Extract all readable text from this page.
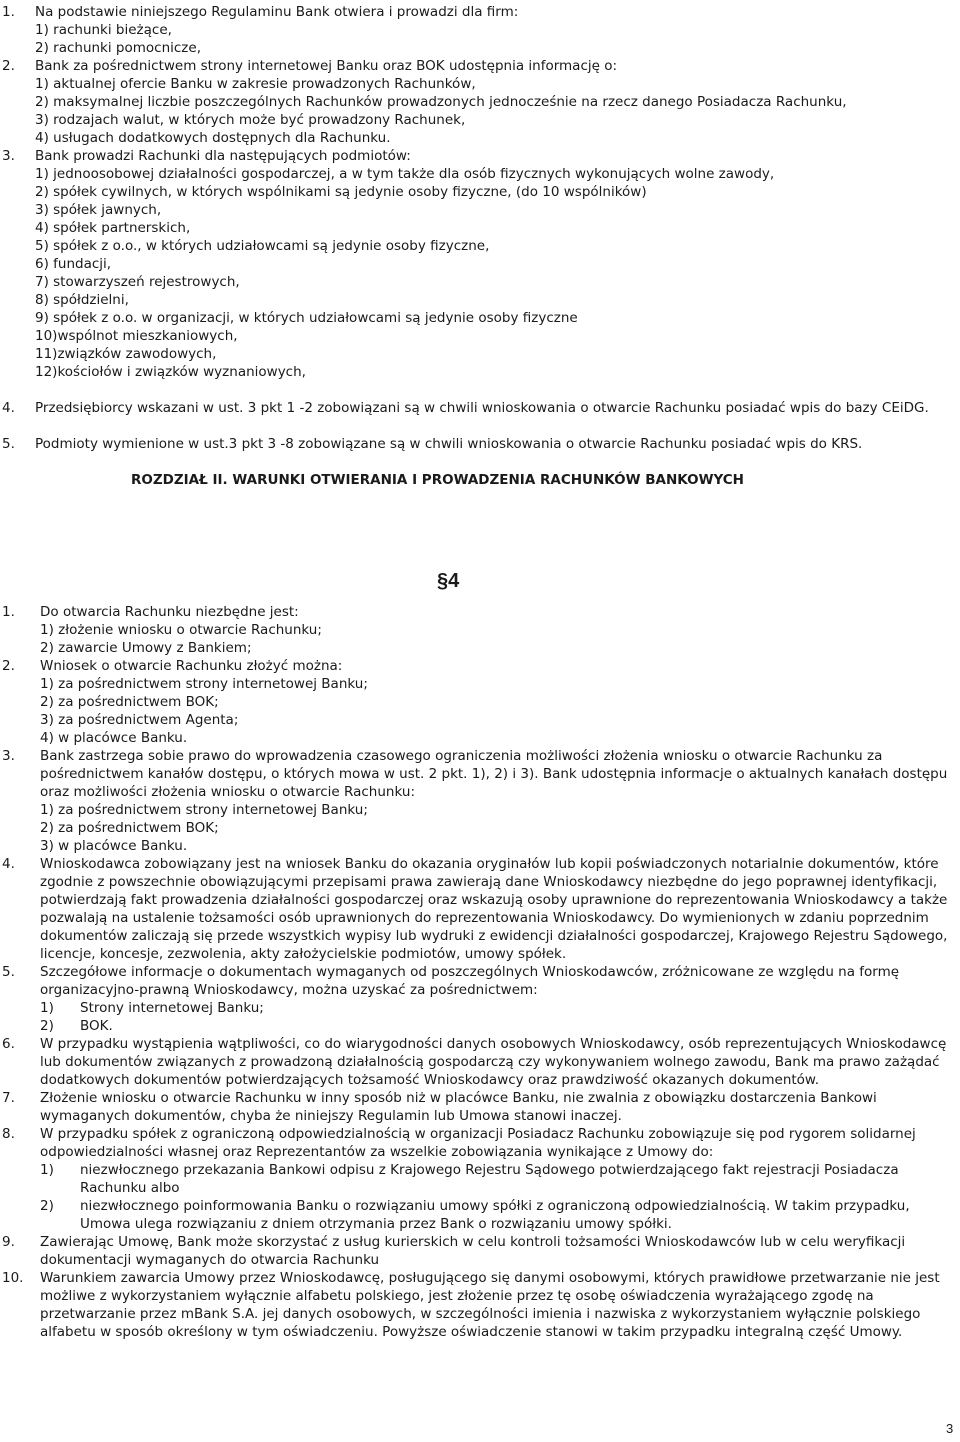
1. Na podstawie niniejszego Regulaminu Bank otwiera i prowadzi dla firm:
1) rachunki bieżące,
2) rachunki pomocnicze,
2. Bank za pośrednictwem strony internetowej Banku oraz BOK udostępnia informację o:
1) aktualnej ofercie Banku w zakresie prowadzonych Rachunków,
2) maksymalnej liczbie poszczególnych Rachunków prowadzonych jednocześnie na rzecz danego Posiadacza Rachunku,
3) rodzajach walut, w których może być prowadzony Rachunek,
4) usługach dodatkowych dostępnych dla Rachunku.
3. Bank prowadzi Rachunki dla następujących podmiotów:
1) jednoosobowej działalności gospodarczej, a w tym także dla osób fizycznych wykonujących wolne zawody,
2) spółek cywilnych, w których wspólnikami są jedynie osoby fizyczne, (do 10 wspólników)
3) spółek jawnych,
4) spółek partnerskich,
5) spółek z o.o., w których udziałowcami są jedynie osoby fizyczne,
6) fundacji,
7) stowarzyszeń rejestrowych,
8) spółdzielni,
9) spółek z o.o. w organizacji, w których udziałowcami są jedynie osoby fizyczne
10)wspólnot mieszkaniowych,
11)związków zawodowych,
12)kościołów i związków wyznaniowych,
4. Przedsiębiorcy wskazani w ust. 3 pkt 1 -2 zobowiązani są w chwili wnioskowania o otwarcie Rachunku posiadać wpis do bazy CEiDG.
5. Podmioty wymienione w ust.3 pkt 3 -8 zobowiązane są w chwili wnioskowania o otwarcie Rachunku posiadać wpis do KRS.
ROZDZIAŁ II. WARUNKI OTWIERANIA I PROWADZENIA RACHUNKÓW BANKOWYCH
§4
1. Do otwarcia Rachunku niezbędne jest:
1) złożenie wniosku o otwarcie Rachunku;
2) zawarcie Umowy z Bankiem;
2. Wniosek o otwarcie Rachunku złożyć można:
1) za pośrednictwem strony internetowej Banku;
2) za pośrednictwem BOK;
3) za pośrednictwem Agenta;
4) w placówce Banku.
3. Bank zastrzega sobie prawo do wprowadzenia czasowego ograniczenia możliwości złożenia wniosku o otwarcie Rachunku za pośrednictwem kanałów dostępu, o których mowa w ust. 2 pkt. 1), 2) i 3). Bank udostępnia informacje o aktualnych kanałach dostępu oraz możliwości złożenia wniosku o otwarcie Rachunku:
1) za pośrednictwem strony internetowej Banku;
2) za pośrednictwem BOK;
3) w placówce Banku.
4. Wnioskodawca zobowiązany jest na wniosek Banku do okazania oryginałów lub kopii poświadczonych notarialnie dokumentów, które zgodnie z powszechnie obowiązującymi przepisami prawa zawierają dane Wnioskodawcy niezbędne do jego poprawnej identyfikacji, potwierdzają fakt prowadzenia działalności gospodarczej oraz wskazują osoby uprawnione do reprezentowania Wnioskodawcy a także pozwalają na ustalenie tożsamości osób uprawnionych do reprezentowania Wnioskodawcy. Do wymienionych w zdaniu poprzednim dokumentów zaliczają się przede wszystkich wypisy lub wydruki z ewidencji działalności gospodarczej, Krajowego Rejestru Sądowego, licencje, koncesje, zezwolenia, akty założycielskie podmiotów, umowy spółek.
5. Szczegółowe informacje o dokumentach wymaganych od poszczególnych Wnioskodawców, zróżnicowane ze względu na formę organizacyjno-prawną Wnioskodawcy, można uzyskać za pośrednictwem:
1) Strony internetowej Banku;
2) BOK.
6. W przypadku wystąpienia wątpliwości, co do wiarygodności danych osobowych Wnioskodawcy, osób reprezentujących Wnioskodawcę lub dokumentów związanych z prowadzoną działalnością gospodarczą czy wykonywaniem wolnego zawodu, Bank ma prawo zażądać dodatkowych dokumentów potwierdzających tożsamość Wnioskodawcy oraz prawdziwość okazanych dokumentów.
7. Złożenie wniosku o otwarcie Rachunku w inny sposób niż w placówce Banku, nie zwalnia z obowiązku dostarczenia Bankowi wymaganych dokumentów, chyba że niniejszy Regulamin lub Umowa stanowi inaczej.
8. W przypadku spółek z ograniczoną odpowiedzialnością w organizacji Posiadacz Rachunku zobowiązuje się pod rygorem solidarnej odpowiedzialności własnej oraz Reprezentantów za wszelkie zobowiązania wynikające z Umowy do:
1) niezwłocznego przekazania Bankowi odpisu z Krajowego Rejestru Sądowego potwierdzającego fakt rejestracji Posiadacza Rachunku albo
2) niezwłocznego poinformowania Banku o rozwiązaniu umowy spółki z ograniczoną odpowiedzialnością. W takim przypadku, Umowa ulega rozwiązaniu z dniem otrzymania przez Bank o rozwiązaniu umowy spółki.
9. Zawierając Umowę, Bank może skorzystać z usług kurierskich w celu kontroli tożsamości Wnioskodawców lub w celu weryfikacji dokumentacji wymaganych do otwarcia Rachunku
10. Warunkiem zawarcia Umowy przez Wnioskodawcę, posługującego się danymi osobowymi, których prawidłowe przetwarzanie nie jest możliwe z wykorzystaniem wyłącznie alfabetu polskiego, jest złożenie przez tę osobę oświadczenia wyrażającego zgodę na przetwarzanie przez mBank S.A. jej danych osobowych, w szczególności imienia i nazwiska z wykorzystaniem wyłącznie polskiego alfabetu w sposób określony w tym oświadczeniu. Powyższe oświadczenie stanowi w takim przypadku integralną część Umowy.
3
